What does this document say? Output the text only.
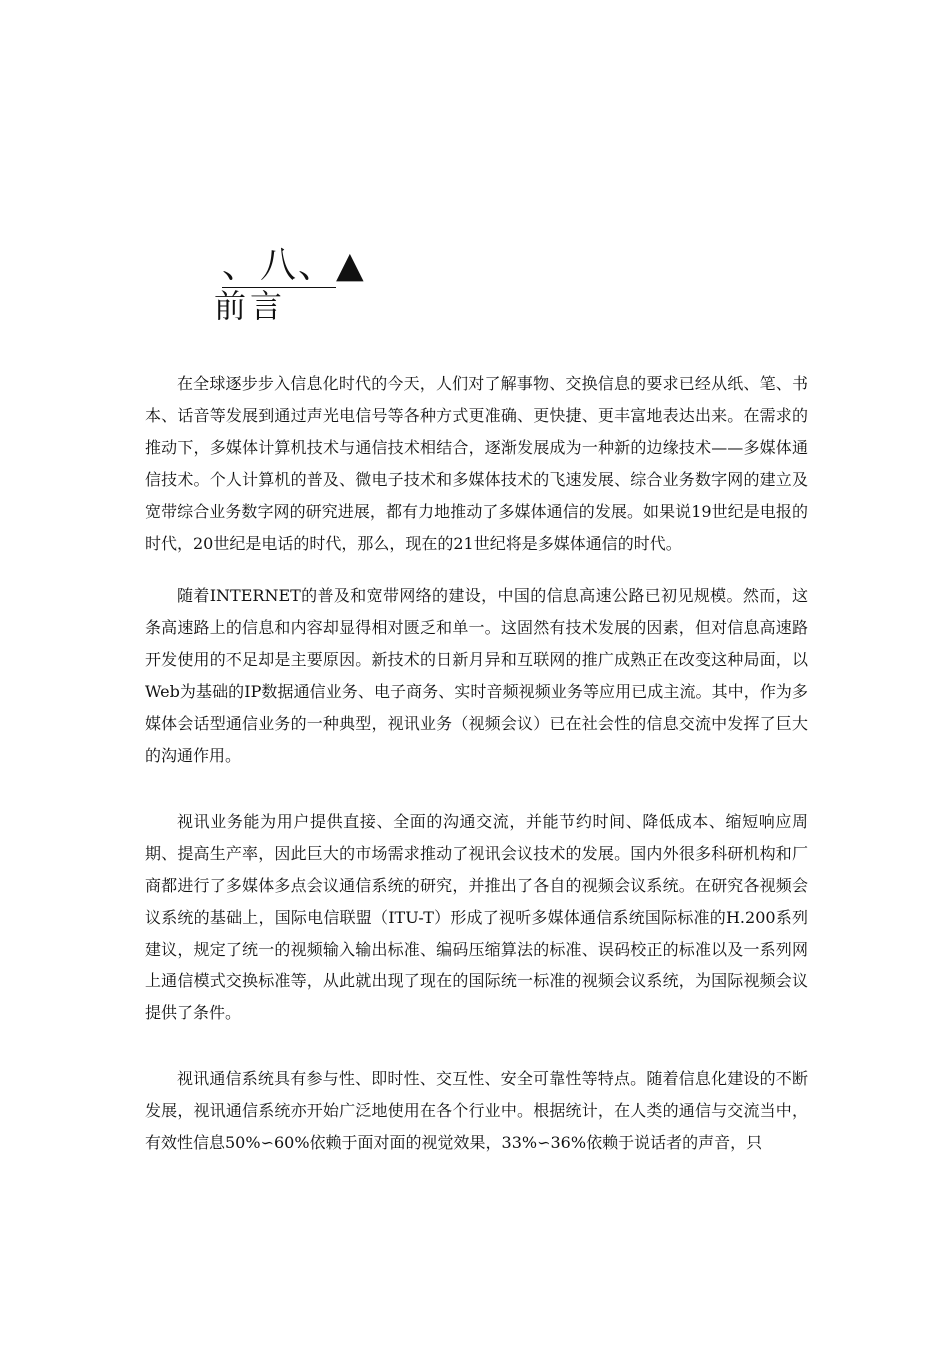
、八、▲
前言

在全球逐步步入信息化时代的今天，人们对了解事物、交换信息的要求已经从纸、笔、书本、话音等发展到通过声光电信号等各种方式更准确、更快捷、更丰富地表达出来。在需求的推动下，多媒体计算机技术与通信技术相结合，逐渐发展成为一种新的边缘技术——多媒体通信技术。个人计算机的普及、微电子技术和多媒体技术的飞速发展、综合业务数字网的建立及宽带综合业务数字网的研究进展，都有力地推动了多媒体通信的发展。如果说19世纪是电报的时代，20世纪是电话的时代，那么，现在的21世纪将是多媒体通信的时代。

随着INTERNET的普及和宽带网络的建设，中国的信息高速公路已初见规模。然而，这条高速路上的信息和内容却显得相对匮乏和单一。这固然有技术发展的因素，但对信息高速路开发使用的不足却是主要原因。新技术的日新月异和互联网的推广成熟正在改变这种局面，以Web为基础的IP数据通信业务、电子商务、实时音频视频业务等应用已成主流。其中，作为多媒体会话型通信业务的一种典型，视讯业务（视频会议）已在社会性的信息交流中发挥了巨大的沟通作用。

视讯业务能为用户提供直接、全面的沟通交流，并能节约时间、降低成本、缩短响应周期、提高生产率，因此巨大的市场需求推动了视讯会议技术的发展。国内外很多科研机构和厂商都进行了多媒体多点会议通信系统的研究，并推出了各自的视频会议系统。在研究各视频会议系统的基础上，国际电信联盟（ITU-T）形成了视听多媒体通信系统国际标准的H.200系列建议，规定了统一的视频输入输出标准、编码压缩算法的标准、误码校正的标准以及一系列网上通信模式交换标准等，从此就出现了现在的国际统一标准的视频会议系统，为国际视频会议提供了条件。

视讯通信系统具有参与性、即时性、交互性、安全可靠性等特点。随着信息化建设的不断发展，视讯通信系统亦开始广泛地使用在各个行业中。根据统计，在人类的通信与交流当中，有效性信息50%∽60%依赖于面对面的视觉效果，33%∽36%依赖于说话者的声音，只
